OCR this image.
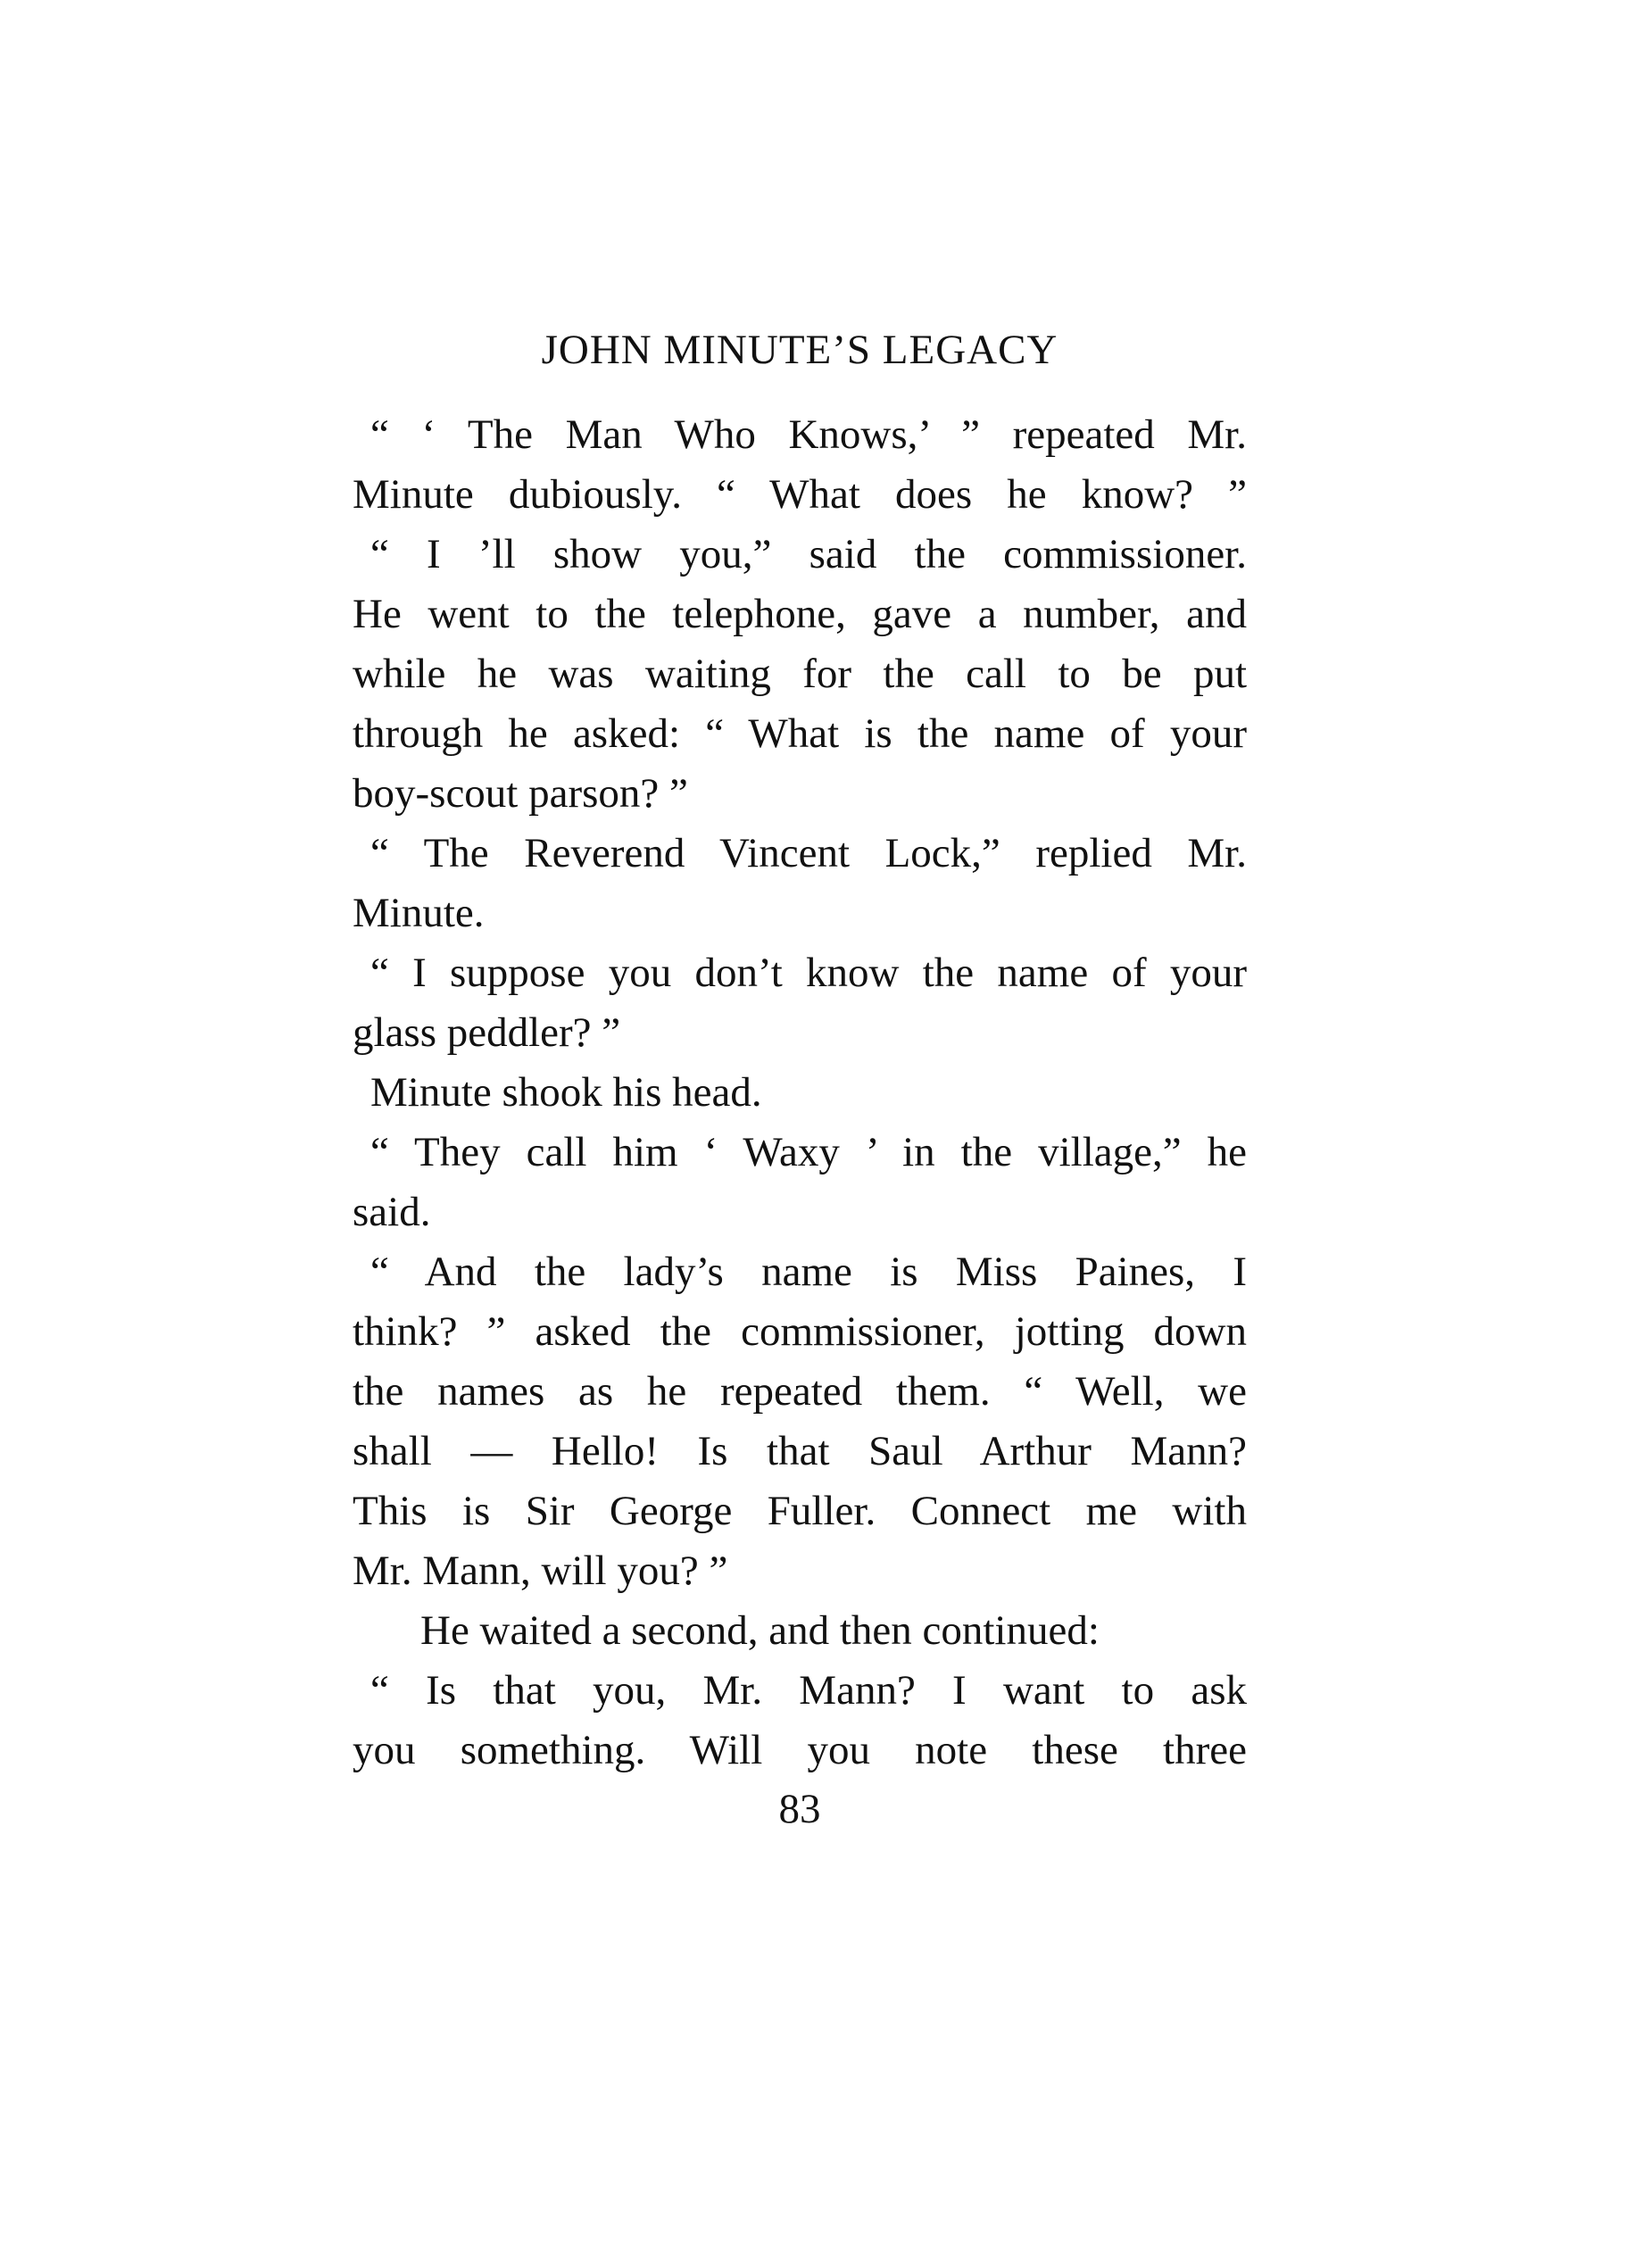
JOHN MINUTE’S LEGACY
“ ‘ The Man Who Knows,’ ” repeated Mr.
Minute dubiously. “ What does he know? ”
“ I ’ll show you,” said the commissioner.
He went to the telephone, gave a number, and
while he was waiting for the call to be put
through he asked: “ What is the name of your
boy-scout parson? ”
“ The Reverend Vincent Lock,” replied Mr.
Minute.
“ I suppose you don’t know the name of your
glass peddler? ”
Minute shook his head.
“ They call him ‘ Waxy ’ in the village,” he
said.
“ And the lady’s name is Miss Paines, I
think? ” asked the commissioner, jotting down
the names as he repeated them. “ Well, we
shall — Hello! Is that Saul Arthur Mann?
This is Sir George Fuller. Connect me with
Mr. Mann, will you? ”
He waited a second, and then continued:
“ Is that you, Mr. Mann? I want to ask
you something. Will you note these three
83
